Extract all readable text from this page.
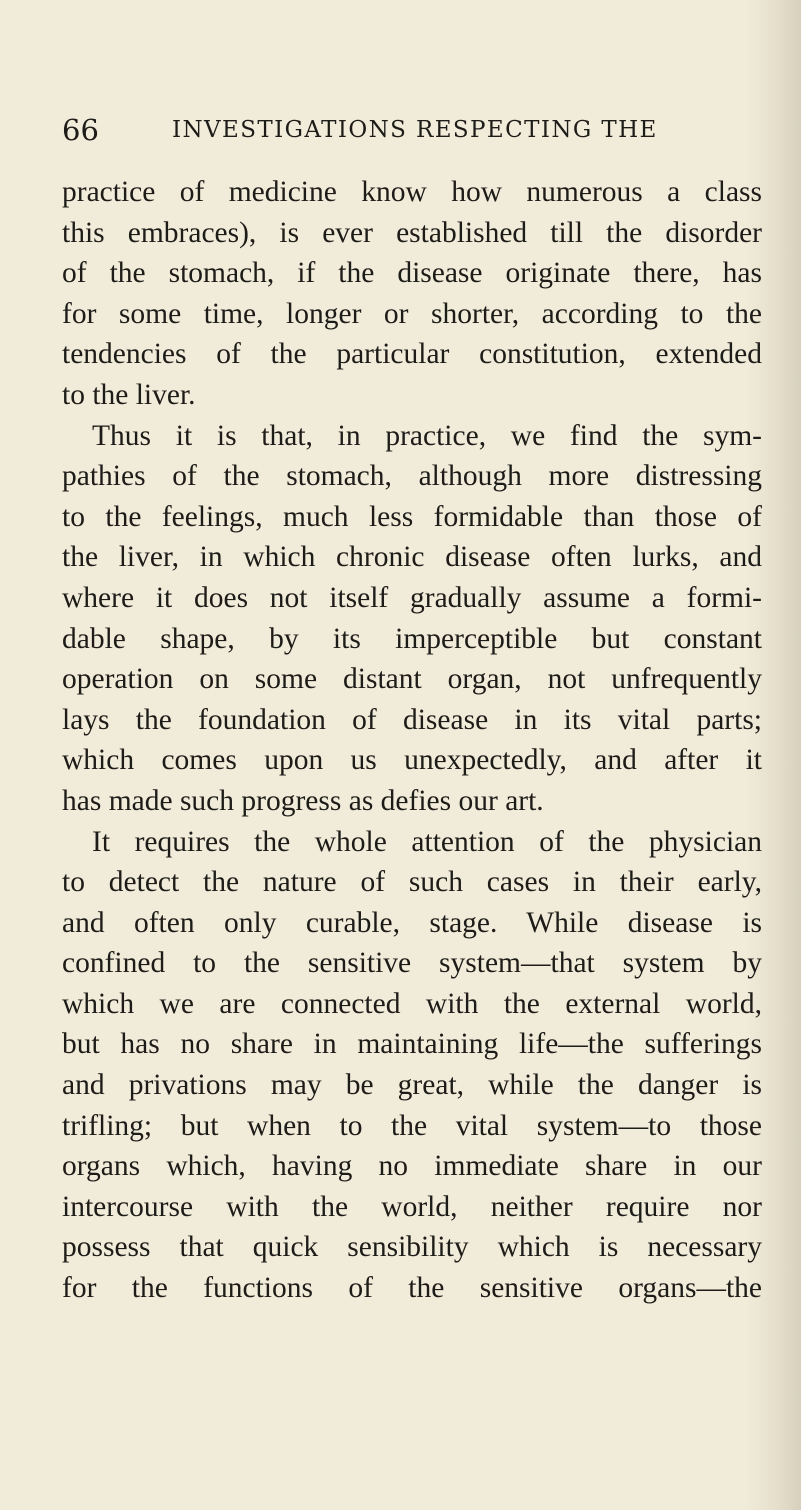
66	INVESTIGATIONS RESPECTING THE
practice of medicine know how numerous a class
this embraces), is ever established till the disorder
of the stomach, if the disease originate there, has
for some time, longer or shorter, according to the
tendencies of the particular constitution, extended
to the liver.
Thus it is that, in practice, we find the sym-
pathies of the stomach, although more distressing
to the feelings, much less formidable than those of
the liver, in which chronic disease often lurks, and
where it does not itself gradually assume a formi-
dable shape, by its imperceptible but constant
operation on some distant organ, not unfrequently
lays the foundation of disease in its vital parts;
which comes upon us unexpectedly, and after it
has made such progress as defies our art.
It requires the whole attention of the physician
to detect the nature of such cases in their early,
and often only curable, stage. While disease is
confined to the sensitive system—that system by
which we are connected with the external world,
but has no share in maintaining life—the sufferings
and privations may be great, while the danger is
trifling; but when to the vital system—to those
organs which, having no immediate share in our
intercourse with the world, neither require nor
possess that quick sensibility which is necessary
for the functions of the sensitive organs—the
